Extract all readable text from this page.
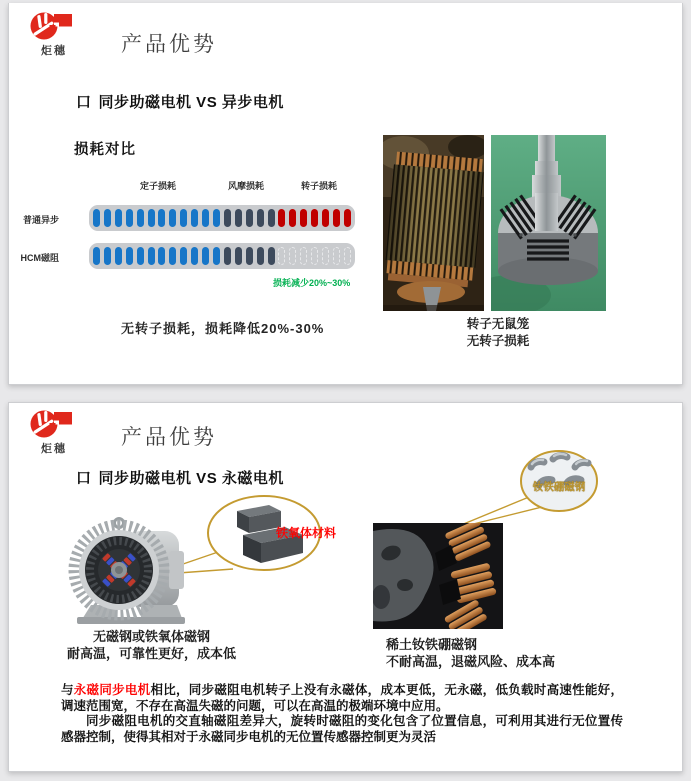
炬穗	产品优势
口 同步助磁电机 VS 异步电机
损耗对比
定子损耗	风摩损耗	转子损耗
普通异步
HCM磁阻
损耗减少20%~30%
无转子损耗，损耗降低20%-30%	转子无鼠笼
无转子损耗
炬穗	产品优势
口 同步助磁电机 VS 永磁电机
铁氧体材料
无磁钢或铁氧体磁钢
耐高温，可靠性更好，成本低
钕铁硼磁钢
稀土钕铁硼磁钢
不耐高温，退磁风险、成本高

与永磁同步电机相比，同步磁阻电机转子上没有永磁体，成本更低，无永磁，低负载时高速性能好，调速范围宽，不存在高温失磁的问题，可以在高温的极端环境中应用。

同步磁阻电机的交直轴磁阻差异大，旋转时磁阻的变化包含了位置信息，可利用其进行无位置传感器控制，使得其相对于永磁同步电机的无位置传感器控制更为灵活
